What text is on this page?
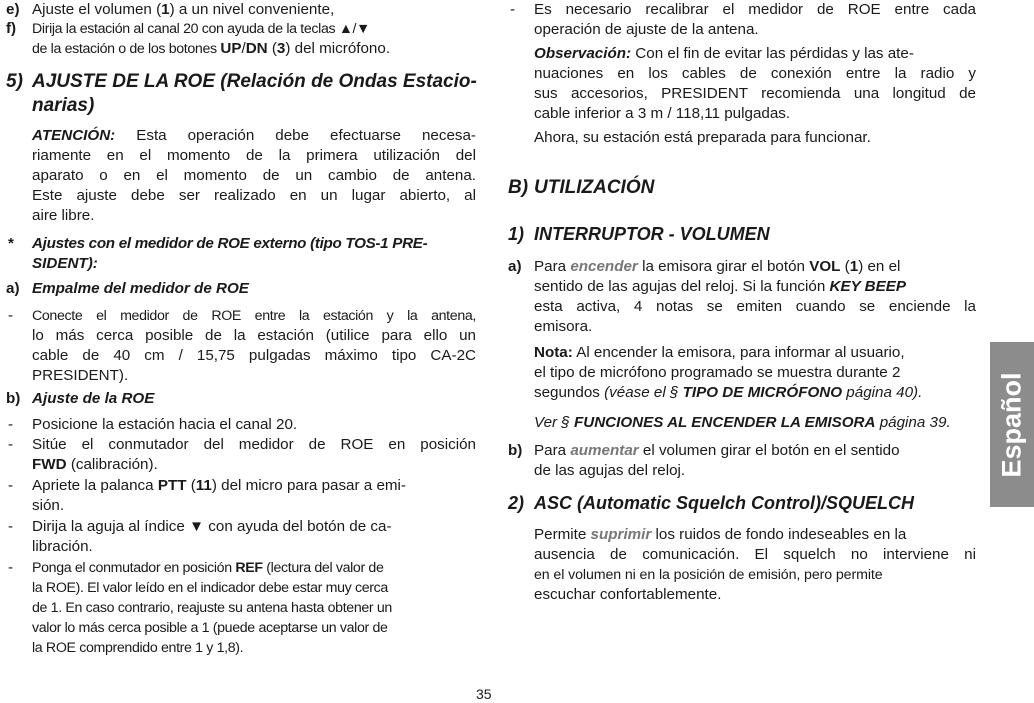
e) Ajuste el volumen (1) a un nivel conveniente,
f) Dirija la estación al canal 20 con ayuda de la teclas ▲/▼
de la estación o de los botones UP/DN (3) del micrófono.
5) AJUSTE DE LA ROE (Relación de Ondas Estacio-
narias)
ATENCIÓN: Esta operación debe efectuarse necesa-
riamente en el momento de la primera utilización del
aparato o en el momento de un cambio de antena.
Este ajuste debe ser realizado en un lugar abierto, al
aire libre.
* Ajustes con el medidor de ROE externo (tipo TOS-1 PRE-
SIDENT):
a) Empalme del medidor de ROE
- Conecte el medidor de ROE entre la estación y la antena,
lo más cerca posible de la estación (utilice para ello un
cable de 40 cm / 15,75 pulgadas máximo tipo CA-2C
PRESIDENT).
b) Ajuste de la ROE
- Posicione la estación hacia el canal 20.
- Sitúe el conmutador del medidor de ROE en posición
FWD (calibración).
- Apriete la palanca PTT (11) del micro para pasar a emi-
sión.
- Dirija la aguja al índice ▼ con ayuda del botón de ca-
libración.
- Ponga el conmutador en posición REF (lectura del valor de
la ROE). El valor leído en el indicador debe estar muy cerca
de 1. En caso contrario, reajuste su antena hasta obtener un
valor lo más cerca posible a 1 (puede aceptarse un valor de
la ROE comprendido entre 1 y 1,8).
- Es necesario recalibrar el medidor de ROE entre cada
operación de ajuste de la antena.
Observación: Con el fin de evitar las pérdidas y las ate-
nuaciones en los cables de conexión entre la radio y
sus accesorios, PRESIDENT recomienda una longitud de
cable inferior a 3 m / 118,11 pulgadas.
Ahora, su estación está preparada para funcionar.
B) UTILIZACIÓN
1) INTERRUPTOR - VOLUMEN
a) Para encender la emisora girar el botón VOL (1) en el
sentido de las agujas del reloj. Si la función KEY BEEP
esta activa, 4 notas se emiten cuando se enciende la
emisora.
Nota: Al encender la emisora, para informar al usuario,
el tipo de micrófono programado se muestra durante 2
segundos (véase el § TIPO DE MICRÓFONO página 40).
Ver § FUNCIONES AL ENCENDER LA EMISORA página 39.
b) Para aumentar el volumen girar el botón en el sentido
de las agujas del reloj.
2) ASC (Automatic Squelch Control)/SQUELCH
Permite suprimir los ruidos de fondo indeseables en la
ausencia de comunicación. El squelch no interviene ni
en el volumen ni en la posición de emisión, pero permite
escuchar confortablemente.
Español
35
